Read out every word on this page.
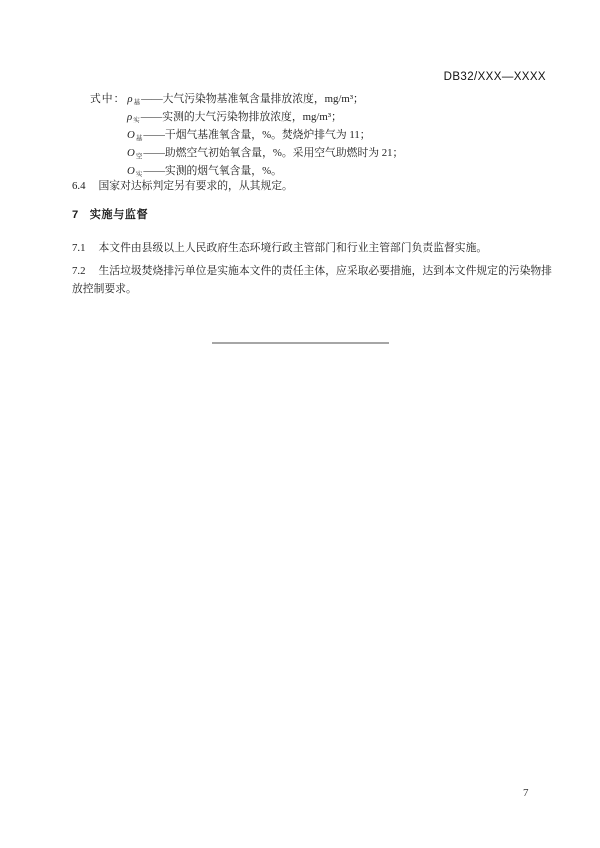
DB32/XXX—XXXX
式中： ρ基——大气污染物基准氧含量排放浓度，mg/m³；
ρ实——实测的大气污染物排放浓度，mg/m³；
O基——干烟气基准氧含量，%。焚烧炉排气为 11；
O空——助燃空气初始氧含量，%。采用空气助燃时为 21；
O实——实测的烟气氧含量，%。
6.4 国家对达标判定另有要求的，从其规定。
7 实施与监督
7.1 本文件由县级以上人民政府生态环境行政主管部门和行业主管部门负责监督实施。
7.2 生活垃圾焚烧排污单位是实施本文件的责任主体，应采取必要措施，达到本文件规定的污染物排放控制要求。
7
